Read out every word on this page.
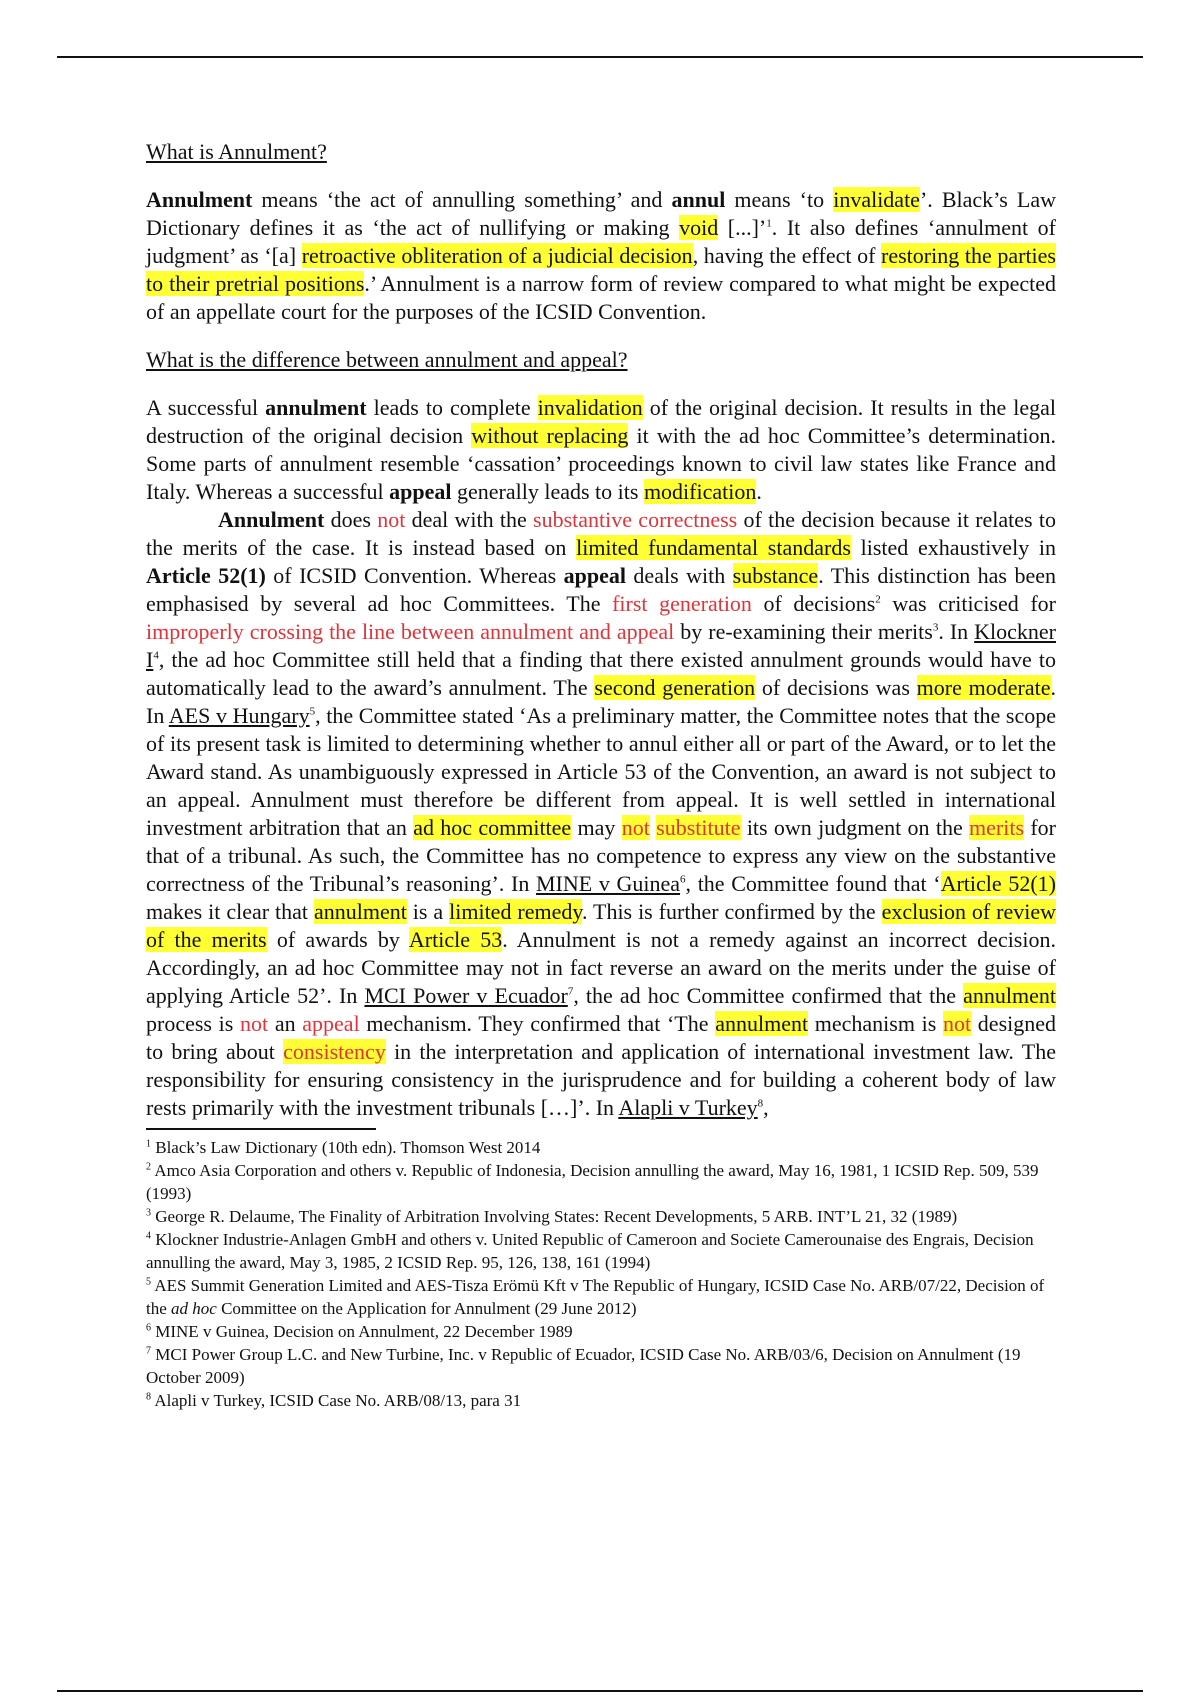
What is Annulment?

Annulment means ‘the act of annulling something’ and annul means ‘to invalidate’. Black’s Law Dictionary defines it as ‘the act of nullifying or making void [...]’$^1$. It also defines ‘annulment of judgment’ as ‘[a] retroactive obliteration of a judicial decision, having the effect of restoring the parties to their pretrial positions.’ Annulment is a narrow form of review compared to what might be expected of an appellate court for the purposes of the ICSID Convention.

What is the difference between annulment and appeal?

A successful annulment leads to complete invalidation of the original decision. It results in the legal destruction of the original decision without replacing it with the ad hoc Committee’s determination. Some parts of annulment resemble ‘cassation’ proceedings known to civil law states like France and Italy. Whereas a successful appeal generally leads to its modification.

Annulment does not deal with the substantive correctness of the decision because it relates to the merits of the case. It is instead based on limited fundamental standards listed exhaustively in Article 52(1) of ICSID Convention. Whereas appeal deals with substance. This distinction has been emphasised by several ad hoc Committees. The first generation of decisions$^2$ was criticised for improperly crossing the line between annulment and appeal by re-examining their merits$^3$. In Klockner $I^4$, the ad hoc Committee still held that a finding that there existed annulment grounds would have to automatically lead to the award’s annulment. The second generation of decisions was more moderate. In AES v Hungary$^5$, the Committee stated ‘As a preliminary matter, the Committee notes that the scope of its present task is limited to determining whether to annul either all or part of the Award, or to let the Award stand. As unambiguously expressed in Article 53 of the Convention, an award is not subject to an appeal. Annulment must therefore be different from appeal. It is well settled in international investment arbitration that an ad hoc committee may not substitute its own judgment on the merits for that of a tribunal. As such, the Committee has no competence to express any view on the substantive correctness of the Tribunal’s reasoning’. In MINE v Guinea$^6$, the Committee found that ‘Article 52(1) makes it clear that annulment is a limited remedy. This is further confirmed by the exclusion of review of the merits of awards by Article 53. Annulment is not a remedy against an incorrect decision. Accordingly, an ad hoc Committee may not in fact reverse an award on the merits under the guise of applying Article 52’. In MCI Power v Ecuador$^7$, the ad hoc Committee confirmed that the annulment process is not an appeal mechanism. They confirmed that ‘The annulment mechanism is not designed to bring about consistency in the interpretation and application of international investment law. The responsibility for ensuring consistency in the jurisprudence and for building a coherent body of law rests primarily with the investment tribunals […]’. In Alapli v Turkey$^8$,

$^1$ Black’s Law Dictionary (10th edn). Thomson West 2014

$^2$ Amco Asia Corporation and others v. Republic of Indonesia, Decision annulling the award, May 16, 1981, 1 ICSID Rep. 509, 539 (1993)

$^3$ George R. Delaume, The Finality of Arbitration Involving States: Recent Developments, 5 ARB. INT’L 21, 32 (1989)

$^4$ Klockner Industrie-Anlagen GmbH and others v. United Republic of Cameroon and Societe Camerounaise des Engrais, Decision annulling the award, May 3, 1985, 2 ICSID Rep. 95, 126, 138, 161 (1994)

$^5$ AES Summit Generation Limited and AES-Tisza Erömü Kft v The Republic of Hungary, ICSID Case No. ARB/07/22, Decision of the ad hoc Committee on the Application for Annulment (29 June 2012)

$^6$ MINE v Guinea, Decision on Annulment, 22 December 1989

$^7$ MCI Power Group L.C. and New Turbine, Inc. v Republic of Ecuador, ICSID Case No. ARB/03/6, Decision on Annulment (19 October 2009)

$^8$ Alapli v Turkey, ICSID Case No. ARB/08/13, para 31
